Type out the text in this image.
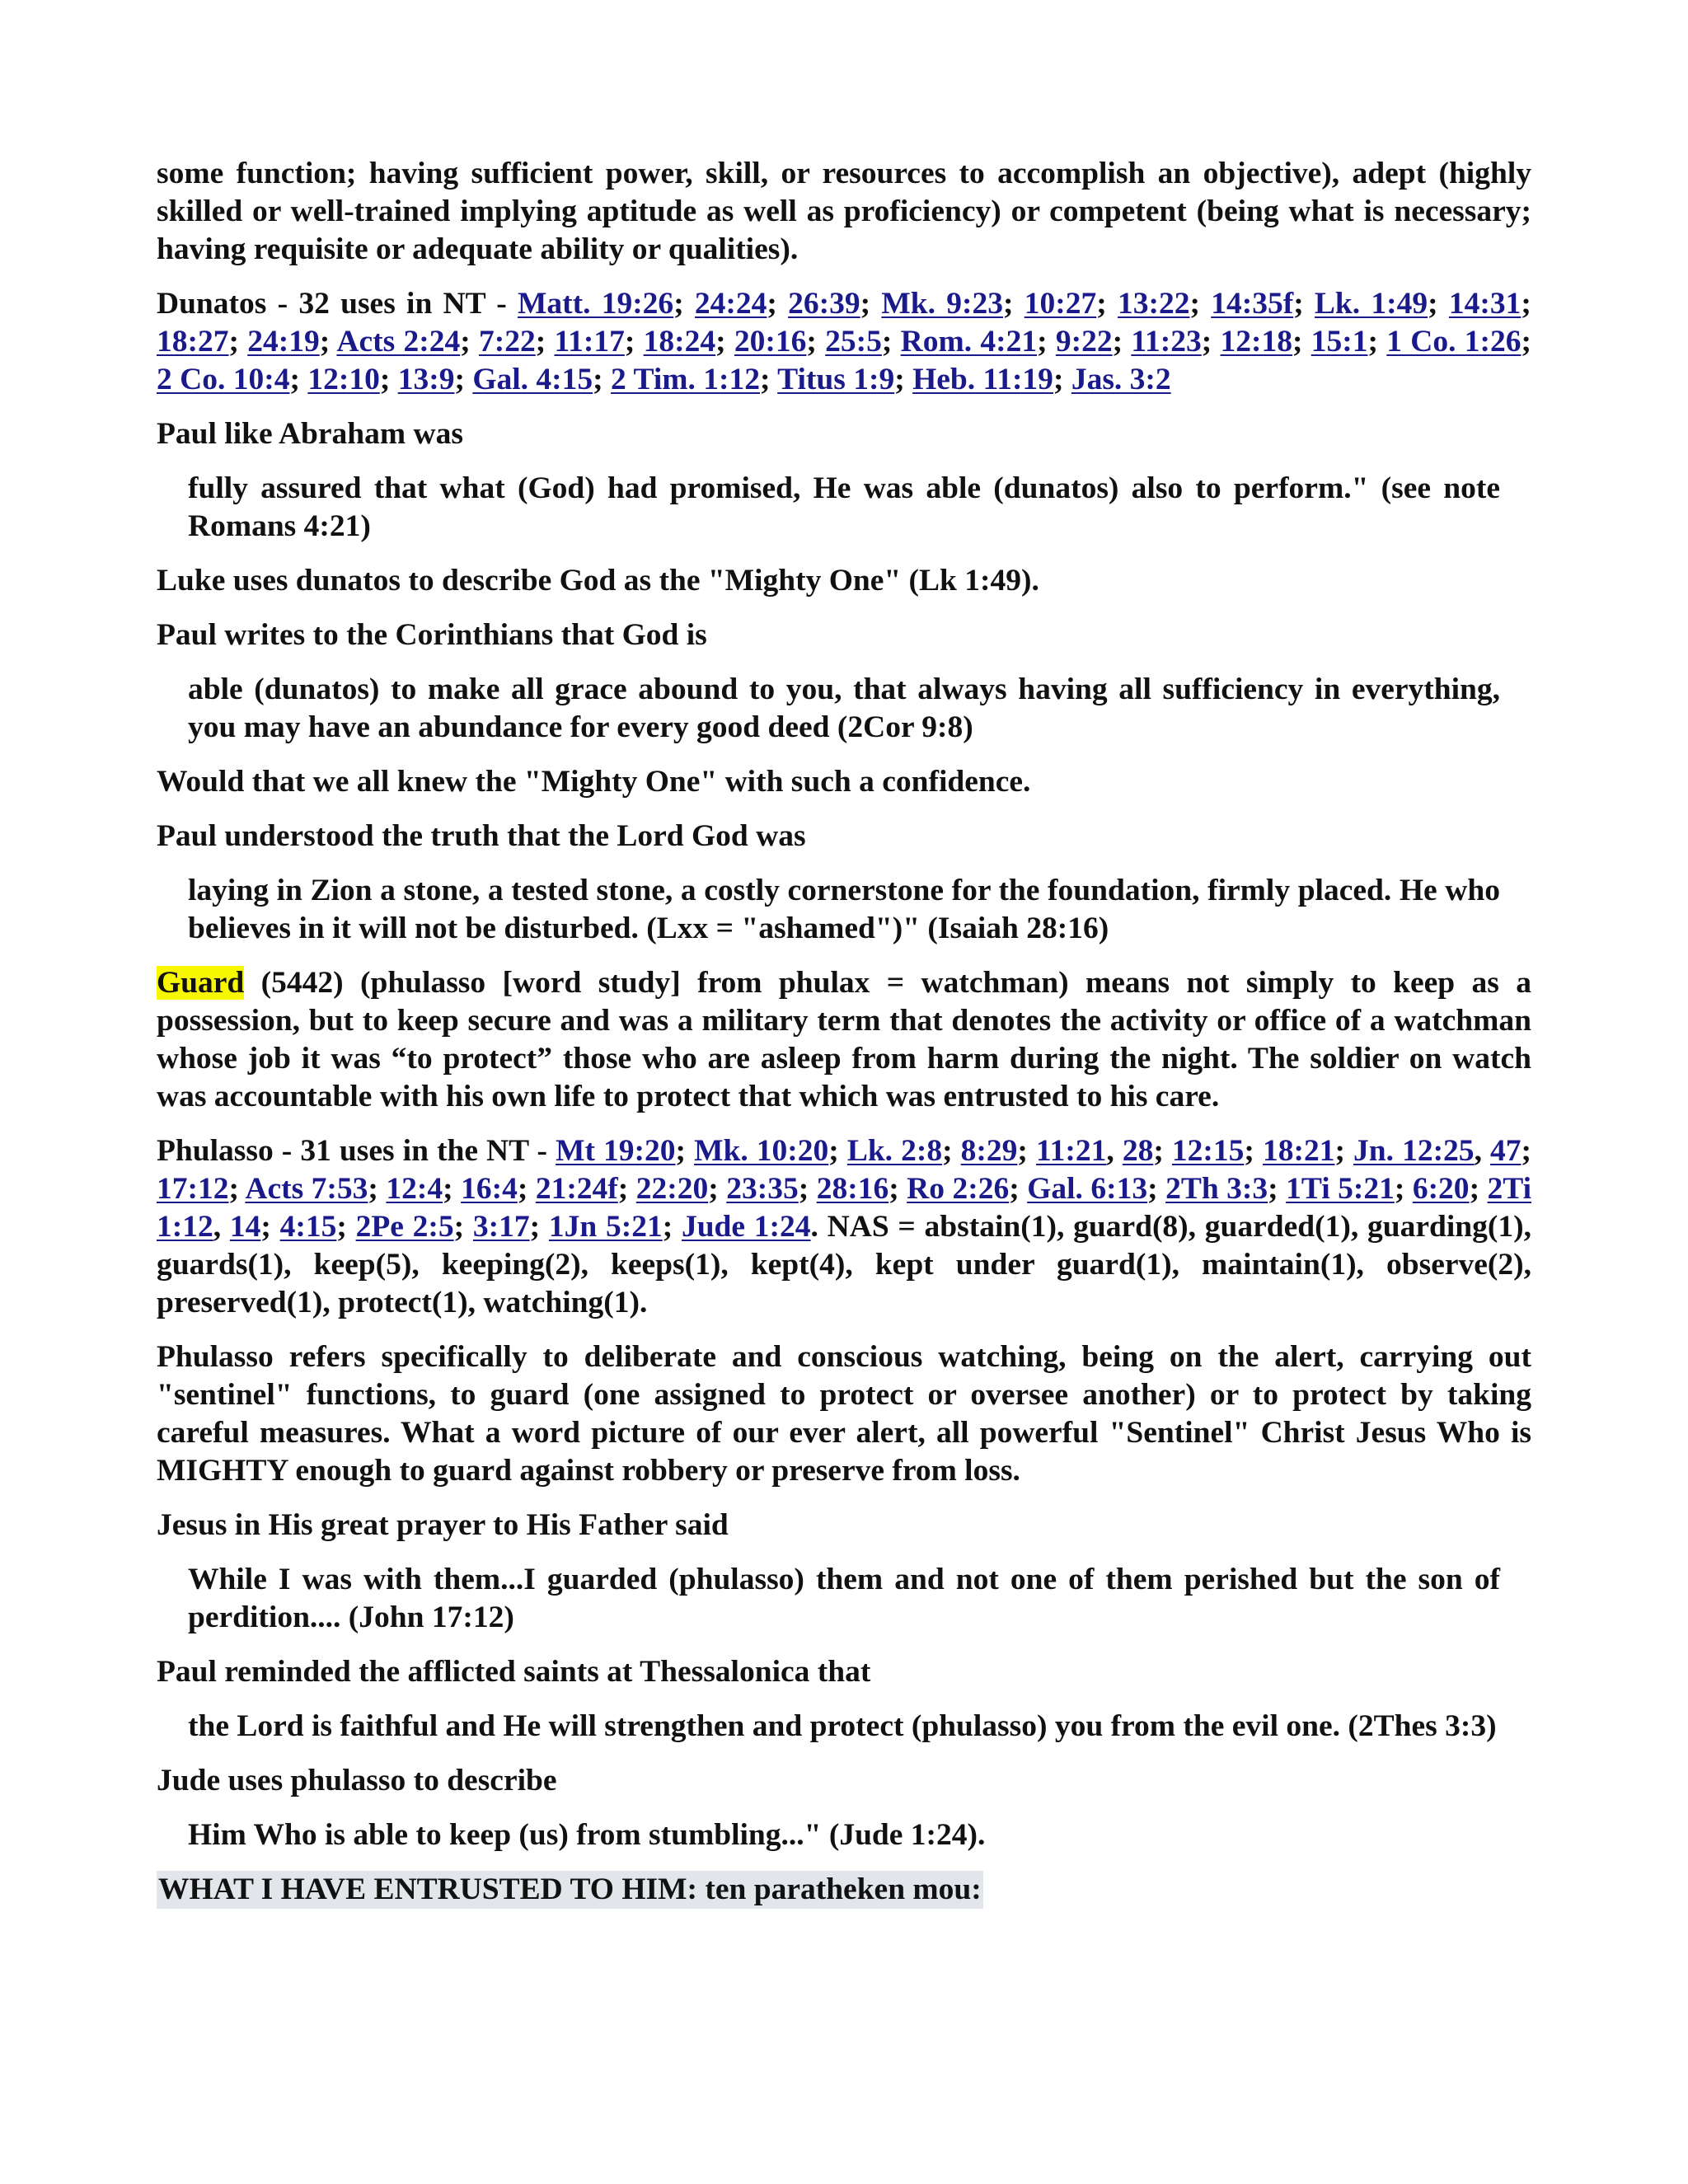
some function; having sufficient power, skill, or resources to accomplish an objective), adept (highly skilled or well-trained implying aptitude as well as proficiency) or competent (being what is necessary; having requisite or adequate ability or qualities).

Dunatos - 32 uses in NT - Matt. 19:26; 24:24; 26:39; Mk. 9:23; 10:27; 13:22; 14:35f; Lk. 1:49; 14:31; 18:27; 24:19; Acts 2:24; 7:22; 11:17; 18:24; 20:16; 25:5; Rom. 4:21; 9:22; 11:23; 12:18; 15:1; 1 Co. 1:26; 2 Co. 10:4; 12:10; 13:9; Gal. 4:15; 2 Tim. 1:12; Titus 1:9; Heb. 11:19; Jas. 3:2

Paul like Abraham was

fully assured that what (God) had promised, He was able (dunatos) also to perform." (see note Romans 4:21)

Luke uses dunatos to describe God as the "Mighty One" (Lk 1:49).

Paul writes to the Corinthians that God is

able (dunatos) to make all grace abound to you, that always having all sufficiency in everything, you may have an abundance for every good deed (2Cor 9:8)

Would that we all knew the "Mighty One" with such a confidence.

Paul understood the truth that the Lord God was

laying in Zion a stone, a tested stone, a costly cornerstone for the foundation, firmly placed. He who believes in it will not be disturbed. (Lxx = "ashamed")" (Isaiah 28:16)

Guard (5442) (phulasso [word study] from phulax = watchman) means not simply to keep as a possession, but to keep secure and was a military term that denotes the activity or office of a watchman whose job it was “to protect” those who are asleep from harm during the night. The soldier on watch was accountable with his own life to protect that which was entrusted to his care.

Phulasso - 31 uses in the NT - Mt 19:20; Mk. 10:20; Lk. 2:8; 8:29; 11:21, 28; 12:15; 18:21; Jn. 12:25, 47; 17:12; Acts 7:53; 12:4; 16:4; 21:24f; 22:20; 23:35; 28:16; Ro 2:26; Gal. 6:13; 2Th 3:3; 1Ti 5:21; 6:20; 2Ti 1:12, 14; 4:15; 2Pe 2:5; 3:17; 1Jn 5:21; Jude 1:24. NAS = abstain(1), guard(8), guarded(1), guarding(1), guards(1), keep(5), keeping(2), keeps(1), kept(4), kept under guard(1), maintain(1), observe(2), preserved(1), protect(1), watching(1).

Phulasso refers specifically to deliberate and conscious watching, being on the alert, carrying out "sentinel" functions, to guard (one assigned to protect or oversee another) or to protect by taking careful measures. What a word picture of our ever alert, all powerful "Sentinel" Christ Jesus Who is MIGHTY enough to guard against robbery or preserve from loss.

Jesus in His great prayer to His Father said

While I was with them...I guarded (phulasso) them and not one of them perished but the son of perdition.... (John 17:12)

Paul reminded the afflicted saints at Thessalonica that

the Lord is faithful and He will strengthen and protect (phulasso) you from the evil one. (2Thes 3:3)

Jude uses phulasso to describe

Him Who is able to keep (us) from stumbling..." (Jude 1:24).

WHAT I HAVE ENTRUSTED TO HIM: ten paratheken mou:
